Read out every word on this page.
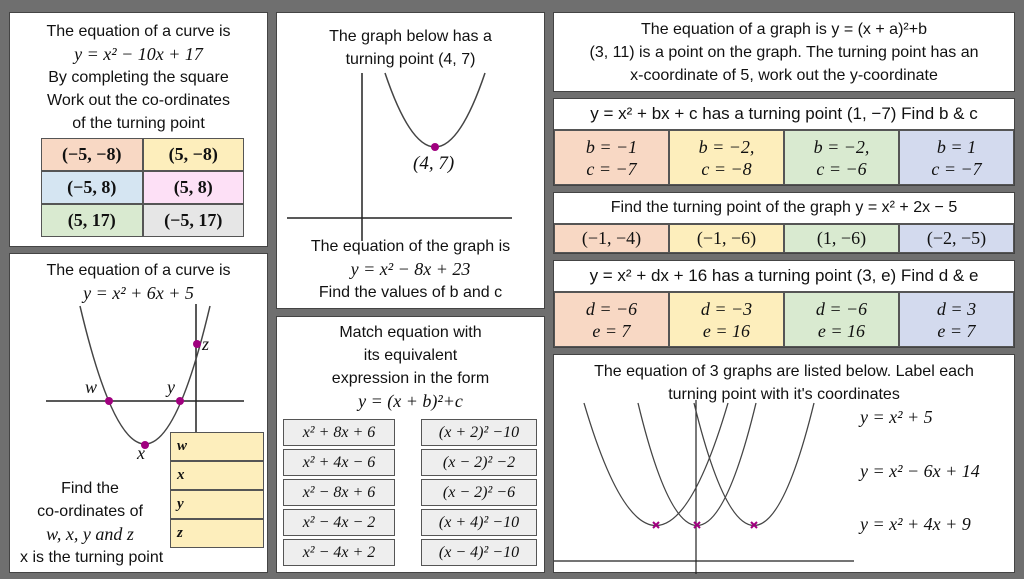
The equation of a curve is
y = x² − 10x + 17
By completing the square
Work out the co-ordinates
of the turning point
(−5, −8)	(5, −8)
(−5, 8)	(5, 8)
(5, 17)	(−5, 17)
The graph below has a
turning point (4, 7)
(4, 7)
The equation of the graph is
y = x² − 8x + 23
Find the values of b and c
The equation of a curve is
y = x² + 6x + 5
w	y
x
z
w
x
y
z
Find the
co-ordinates of
w, x, y and z
x is the turning point
Match equation with
its equivalent
expression in the form
y = (x + b)²+c
x² + 8x + 6
x² + 4x − 6
x² − 8x + 6
x² − 4x − 2
x² − 4x + 2
(x + 2)² −10
(x − 2)² −2
(x − 2)² −6
(x + 4)² −10
(x − 4)² −10
The equation of a graph is y = (x + a)²+b
(3, 11) is a point on the graph. The turning point has an
x-coordinate of 5, work out the y-coordinate
y = x² + bx + c has a turning point (1, −7) Find b & c
b = −1
c = −7
b = −2,
c = −8
b = −2,
c = −6
b = 1
c = −7
Find the turning point of the graph y = x² + 2x − 5
(−1, −4)	(−1, −6)	(1, −6)	(−2, −5)
y = x² + dx + 16 has a turning point (3, e) Find d & e
d = −6
e = 7
d = −3
e = 16
d = −6
e = 16
d = 3
e = 7
The equation of 3 graphs are listed below. Label each
turning point with it's coordinates
y = x² + 5
y = x² − 6x + 14
y = x² + 4x + 9
